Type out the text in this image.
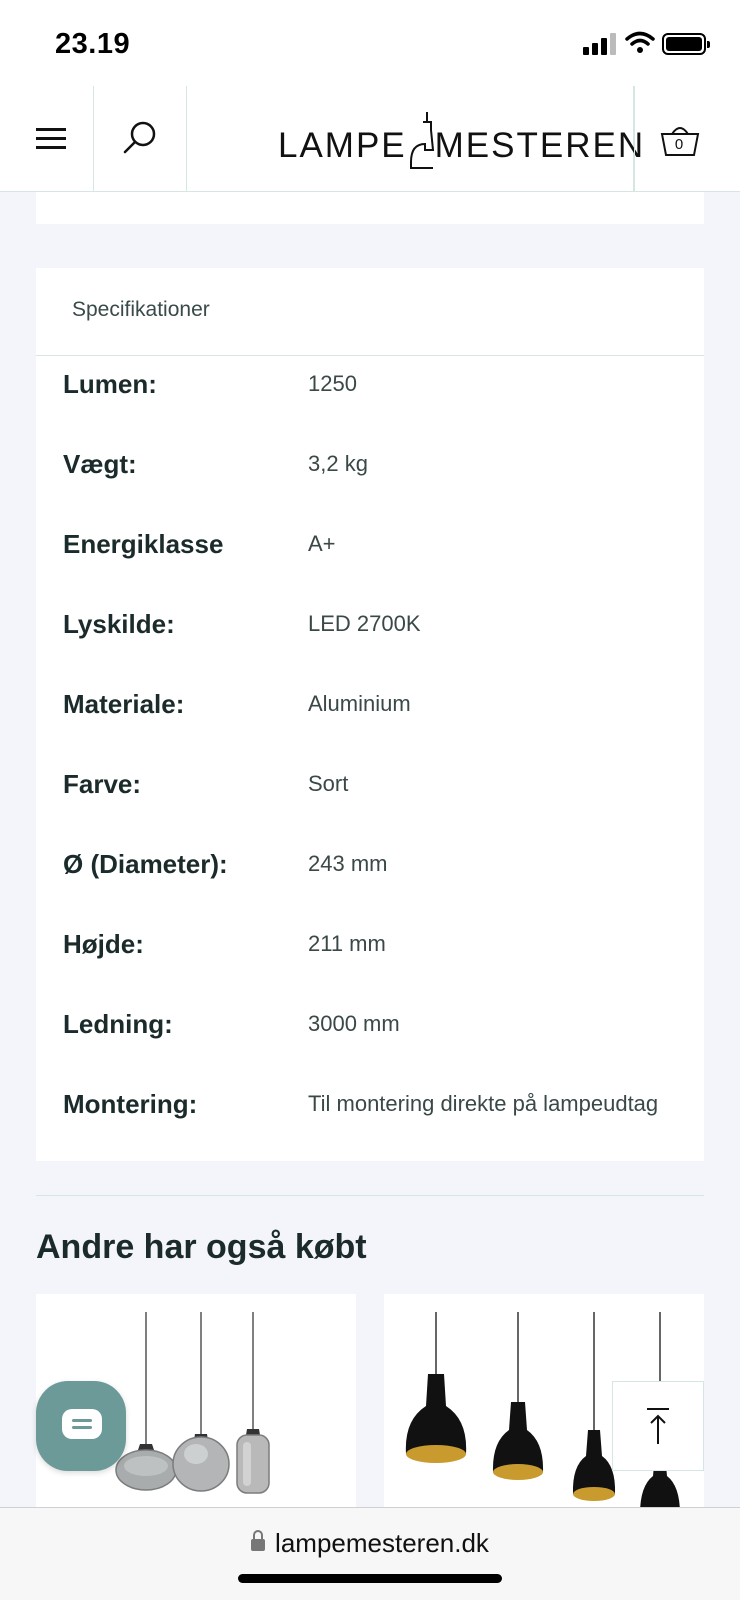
23.19
LAMPE MESTEREN	0
Specifikationer
Lumen:	1250
Vægt:	3,2 kg
Energiklasse	A+
Lyskilde:	LED 2700K
Materiale:	Aluminium
Farve:	Sort
Ø (Diameter):	243 mm
Højde:	211 mm
Ledning:	3000 mm
Montering:	Til montering direkte på lampeudtag
Andre har også købt
lampemesteren.dk
